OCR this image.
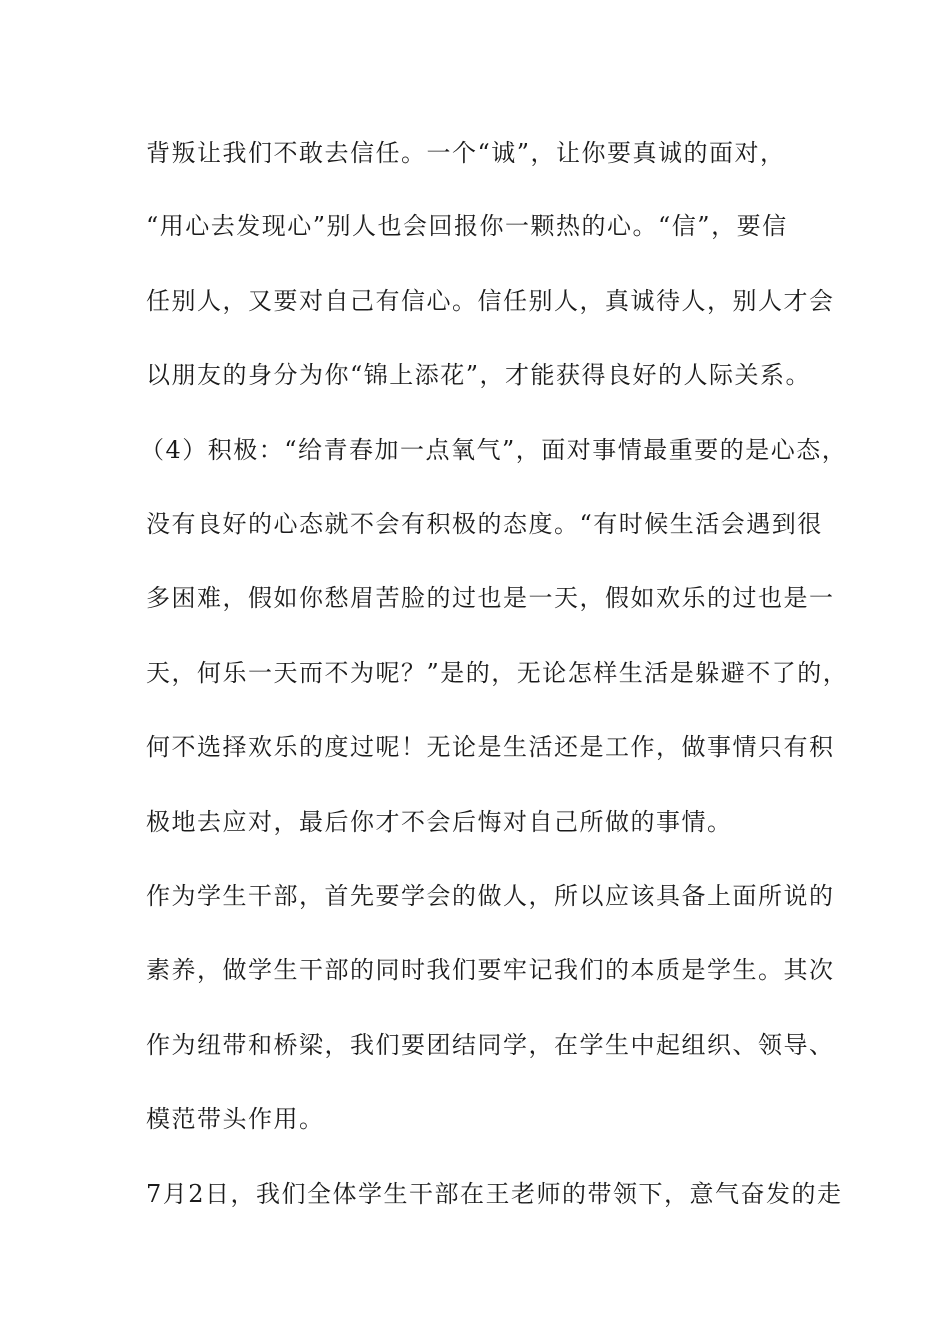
背叛让我们不敢去信任。一个“诚”，让你要真诚的面对，
“用心去发现心”别人也会回报你一颗热的心。“信”，要信
任别人，又要对自己有信心。信任别人，真诚待人，别人才会
以朋友的身分为你“锦上添花”，才能获得良好的人际关系。
（4）积极：“给青春加一点氧气”，面对事情最重要的是心态，
没有良好的心态就不会有积极的态度。“有时候生活会遇到很
多困难，假如你愁眉苦脸的过也是一天，假如欢乐的过也是一
天，何乐一天而不为呢？”是的，无论怎样生活是躲避不了的，
何不选择欢乐的度过呢！无论是生活还是工作，做事情只有积
极地去应对，最后你才不会后悔对自己所做的事情。
作为学生干部，首先要学会的做人，所以应该具备上面所说的
素养，做学生干部的同时我们要牢记我们的本质是学生。其次
作为纽带和桥梁，我们要团结同学，在学生中起组织、领导、
模范带头作用。
7月2日，我们全体学生干部在王老师的带领下，意气奋发的走
